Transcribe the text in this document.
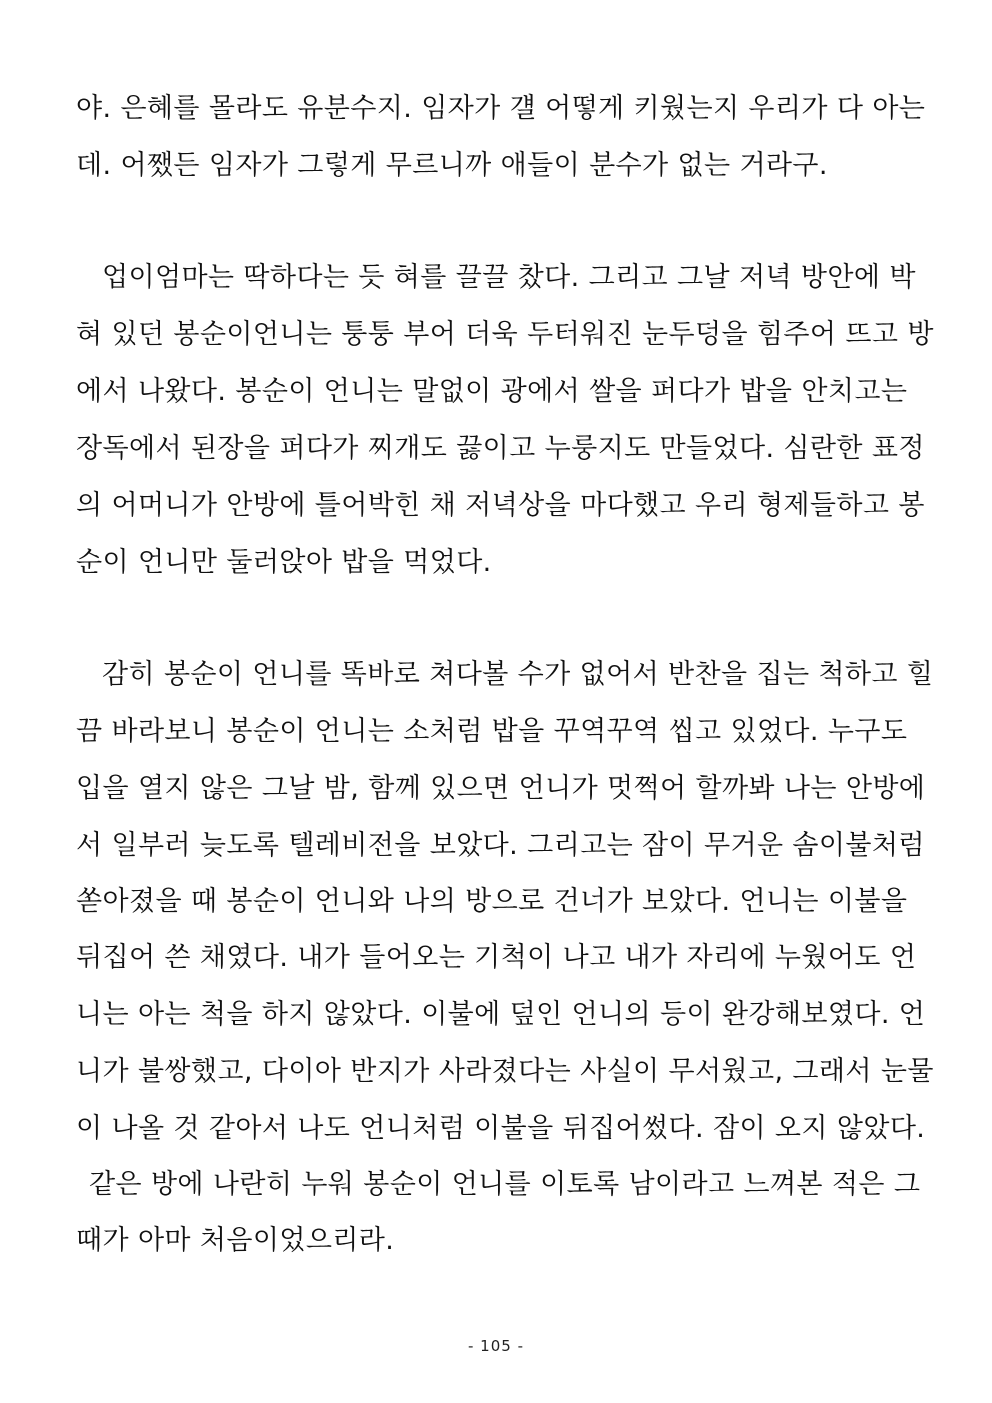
야. 은혜를 몰라도 유분수지. 임자가 걜 어떻게 키웠는지 우리가 다 아는
데. 어쨌든 임자가 그렇게 무르니까 애들이 분수가 없는 거라구.
업이엄마는 딱하다는 듯 혀를 끌끌 찼다. 그리고 그날 저녁 방안에 박
혀 있던 봉순이언니는 퉁퉁 부어 더욱 두터워진 눈두덩을 힘주어 뜨고 방
에서 나왔다. 봉순이 언니는 말없이 광에서 쌀을 퍼다가 밥을 안치고는
장독에서 된장을 퍼다가 찌개도 끓이고 누룽지도 만들었다. 심란한 표정
의 어머니가 안방에 틀어박힌 채 저녁상을 마다했고 우리 형제들하고 봉
순이 언니만 둘러앉아 밥을 먹었다.
감히 봉순이 언니를 똑바로 쳐다볼 수가 없어서 반찬을 집는 척하고 힐
끔 바라보니 봉순이 언니는 소처럼 밥을 꾸역꾸역 씹고 있었다. 누구도
입을 열지 않은 그날 밤, 함께 있으면 언니가 멋쩍어 할까봐 나는 안방에
서 일부러 늦도록 텔레비전을 보았다. 그리고는 잠이 무거운 솜이불처럼
쏟아졌을 때 봉순이 언니와 나의 방으로 건너가 보았다. 언니는 이불을
뒤집어 쓴 채였다. 내가 들어오는 기척이 나고 내가 자리에 누웠어도 언
니는 아는 척을 하지 않았다. 이불에 덮인 언니의 등이 완강해보였다. 언
니가 불쌍했고, 다이아 반지가 사라졌다는 사실이 무서웠고, 그래서 눈물
이 나올 것 같아서 나도 언니처럼 이불을 뒤집어썼다. 잠이 오지 않았다.
같은 방에 나란히 누워 봉순이 언니를 이토록 남이라고 느껴본 적은 그
때가 아마 처음이었으리라.
- 105 -
